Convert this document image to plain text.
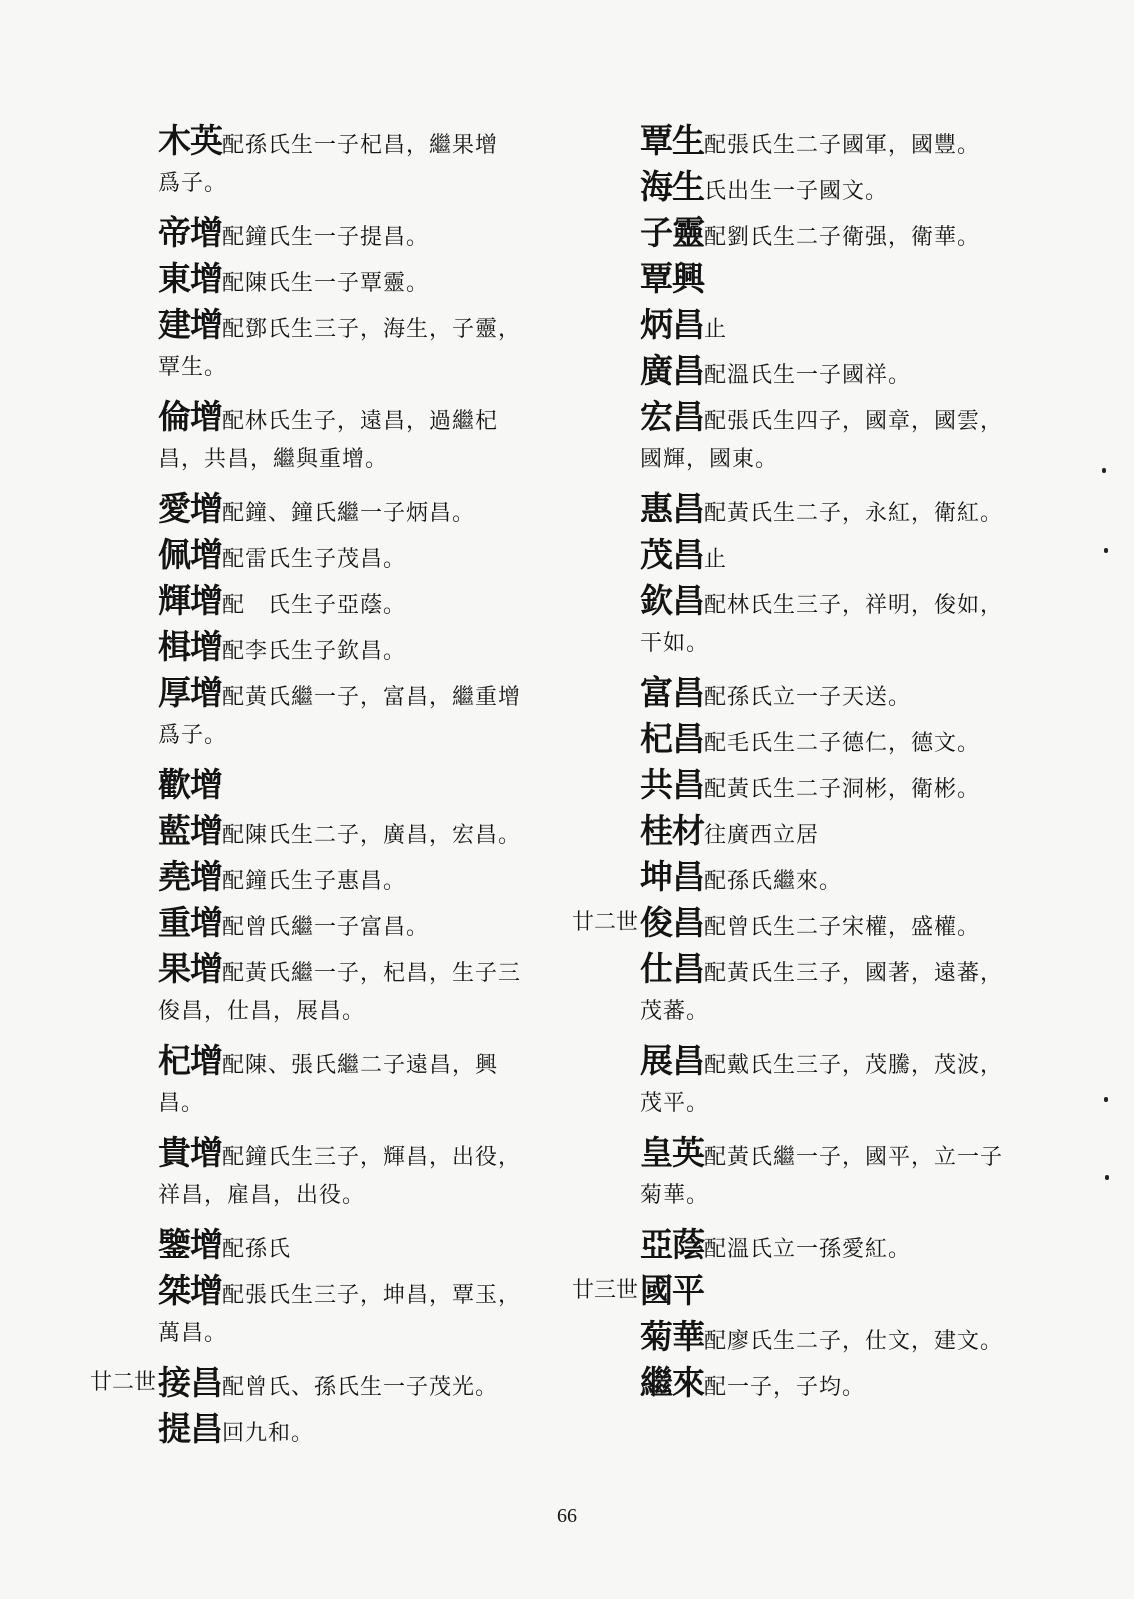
木英配孫氏生一子杞昌，繼果增
爲子。
帝增配鐘氏生一子提昌。
東增配陳氏生一子覃靈。
建增配鄧氏生三子，海生，子靈，
覃生。
倫增配林氏生子，遠昌，過繼杞
昌，共昌，繼與重增。
愛增配鐘、鐘氏繼一子炳昌。
佩增配雷氏生子茂昌。
輝增配　氏生子亞蔭。
楫增配李氏生子欽昌。
厚增配黃氏繼一子，富昌，繼重增
爲子。
歡增
藍增配陳氏生二子，廣昌，宏昌。
堯增配鐘氏生子惠昌。
重增配曾氏繼一子富昌。
果增配黃氏繼一子，杞昌，生子三
俊昌，仕昌，展昌。
杞增配陳、張氏繼二子遠昌，興
昌。
貴增配鐘氏生三子，輝昌，出役，
祥昌，雇昌，出役。
鑒增配孫氏
桀增配張氏生三子，坤昌，覃玉，
萬昌。
廿二世 接昌配曾氏、孫氏生一子茂光。
提昌回九和。
覃生配張氏生二子國軍，國豐。
海生氏出生一子國文。
子靈配劉氏生二子衛强，衛華。
覃興
炳昌止
廣昌配溫氏生一子國祥。
宏昌配張氏生四子，國章，國雲，
國輝，國東。
惠昌配黃氏生二子，永紅，衛紅。
茂昌止
欽昌配林氏生三子，祥明，俊如，
干如。
富昌配孫氏立一子天送。
杞昌配毛氏生二子德仁，德文。
共昌配黃氏生二子洞彬，衛彬。
桂材往廣西立居
坤昌配孫氏繼來。
廿二世 俊昌配曾氏生二子宋權，盛權。
仕昌配黃氏生三子，國著，遠蕃，
茂蕃。
展昌配戴氏生三子，茂騰，茂波，
茂平。
皇英配黃氏繼一子，國平，立一子
菊華。
亞蔭配溫氏立一孫愛紅。
廿三世 國平
菊華配廖氏生二子，仕文，建文。
繼來配一子，子均。
66
